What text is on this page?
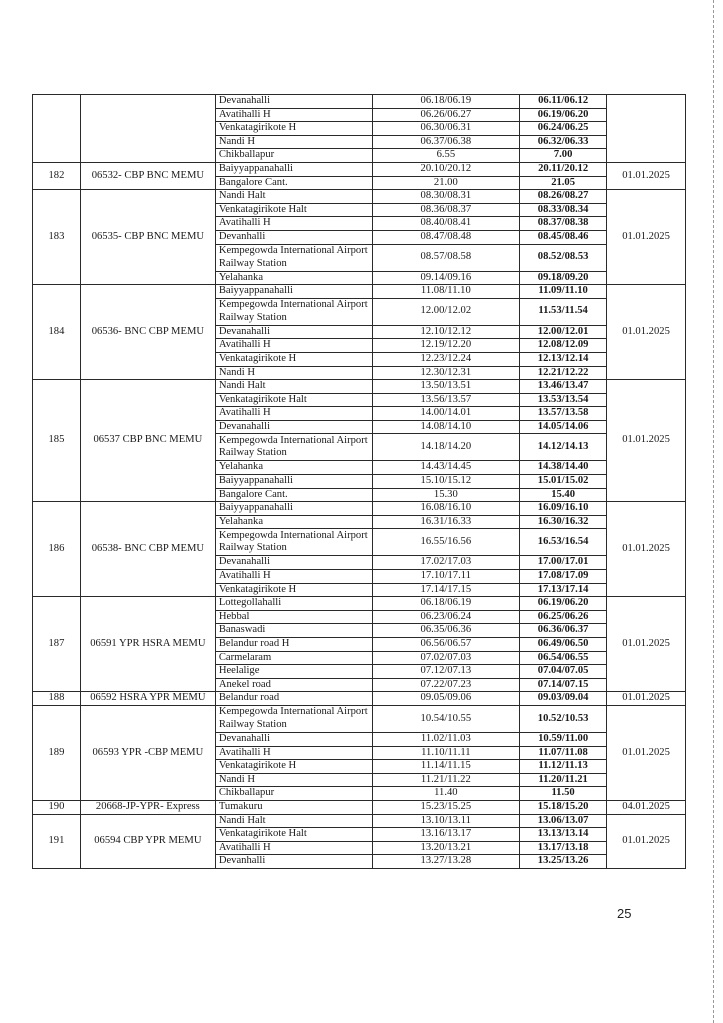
		Devanahalli	06.18/06.19	06.11/06.12	
		Avatihalli H	06.26/06.27	06.19/06.20	
		Venkatagirikote H	06.30/06.31	06.24/06.25	
		Nandi H	06.37/06.38	06.32/06.33	
		Chikballapur	6.55	7.00	
182	06532- CBP BNC MEMU	Baiyyappanahalli	20.10/20.12	20.11/20.12	01.01.2025
		Bangalore Cant.	21.00	21.05	
183	06535- CBP BNC MEMU	Nandi Halt	08.30/08.31	08.26/08.27	01.01.2025
		Venkatagirikote Halt	08.36/08.37	08.33/08.34	
		Avatihalli H	08.40/08.41	08.37/08.38	
		Devanhalli	08.47/08.48	08.45/08.46	
		Kempegowda International Airport Railway Station	08.57/08.58	08.52/08.53	
		Yelahanka	09.14/09.16	09.18/09.20	
184	06536- BNC CBP MEMU	Baiyyappanahalli	11.08/11.10	11.09/11.10	01.01.2025
		Kempegowda International Airport Railway Station	12.00/12.02	11.53/11.54	
		Devanahalli	12.10/12.12	12.00/12.01	
		Avatihalli H	12.19/12.20	12.08/12.09	
		Venkatagirikote H	12.23/12.24	12.13/12.14	
		Nandi H	12.30/12.31	12.21/12.22	
185	06537 CBP BNC MEMU	Nandi Halt	13.50/13.51	13.46/13.47	01.01.2025
		Venkatagirikote Halt	13.56/13.57	13.53/13.54	
		Avatihalli H	14.00/14.01	13.57/13.58	
		Devanahalli	14.08/14.10	14.05/14.06	
		Kempegowda International Airport Railway Station	14.18/14.20	14.12/14.13	
		Yelahanka	14.43/14.45	14.38/14.40	
		Baiyyappanahalli	15.10/15.12	15.01/15.02	
		Bangalore Cant.	15.30	15.40	
186	06538- BNC CBP MEMU	Baiyyappanahalli	16.08/16.10	16.09/16.10	01.01.2025
		Yelahanka	16.31/16.33	16.30/16.32	
		Kempegowda International Airport Railway Station	16.55/16.56	16.53/16.54	
		Devanahalli	17.02/17.03	17.00/17.01	
		Avatihalli H	17.10/17.11	17.08/17.09	
		Venkatagirikote H	17.14/17.15	17.13/17.14	
187	06591 YPR HSRA MEMU	Lottegollahalli	06.18/06.19	06.19/06.20	01.01.2025
		Hebbal	06.23/06.24	06.25/06.26	
		Banaswadi	06.35/06.36	06.36/06.37	
		Belandur road H	06.56/06.57	06.49/06.50	
		Carmelaram	07.02/07.03	06.54/06.55	
		Heelalige	07.12/07.13	07.04/07.05	
		Anekel road	07.22/07.23	07.14/07.15	
188	06592 HSRA YPR MEMU	Belandur road	09.05/09.06	09.03/09.04	01.01.2025
189	06593 YPR -CBP MEMU	Kempegowda International Airport Railway Station	10.54/10.55	10.52/10.53	01.01.2025
		Devanahalli	11.02/11.03	10.59/11.00	
		Avatihalli H	11.10/11.11	11.07/11.08	
		Venkatagirikote H	11.14/11.15	11.12/11.13	
		Nandi H	11.21/11.22	11.20/11.21	
		Chikballapur	11.40	11.50	
190	20668-JP-YPR- Express	Tumakuru	15.23/15.25	15.18/15.20	04.01.2025
191	06594 CBP YPR MEMU	Nandi Halt	13.10/13.11	13.06/13.07	01.01.2025
		Venkatagirikote Halt	13.16/13.17	13.13/13.14	
		Avatihalli H	13.20/13.21	13.17/13.18	
		Devanhalli	13.27/13.28	13.25/13.26	
25
